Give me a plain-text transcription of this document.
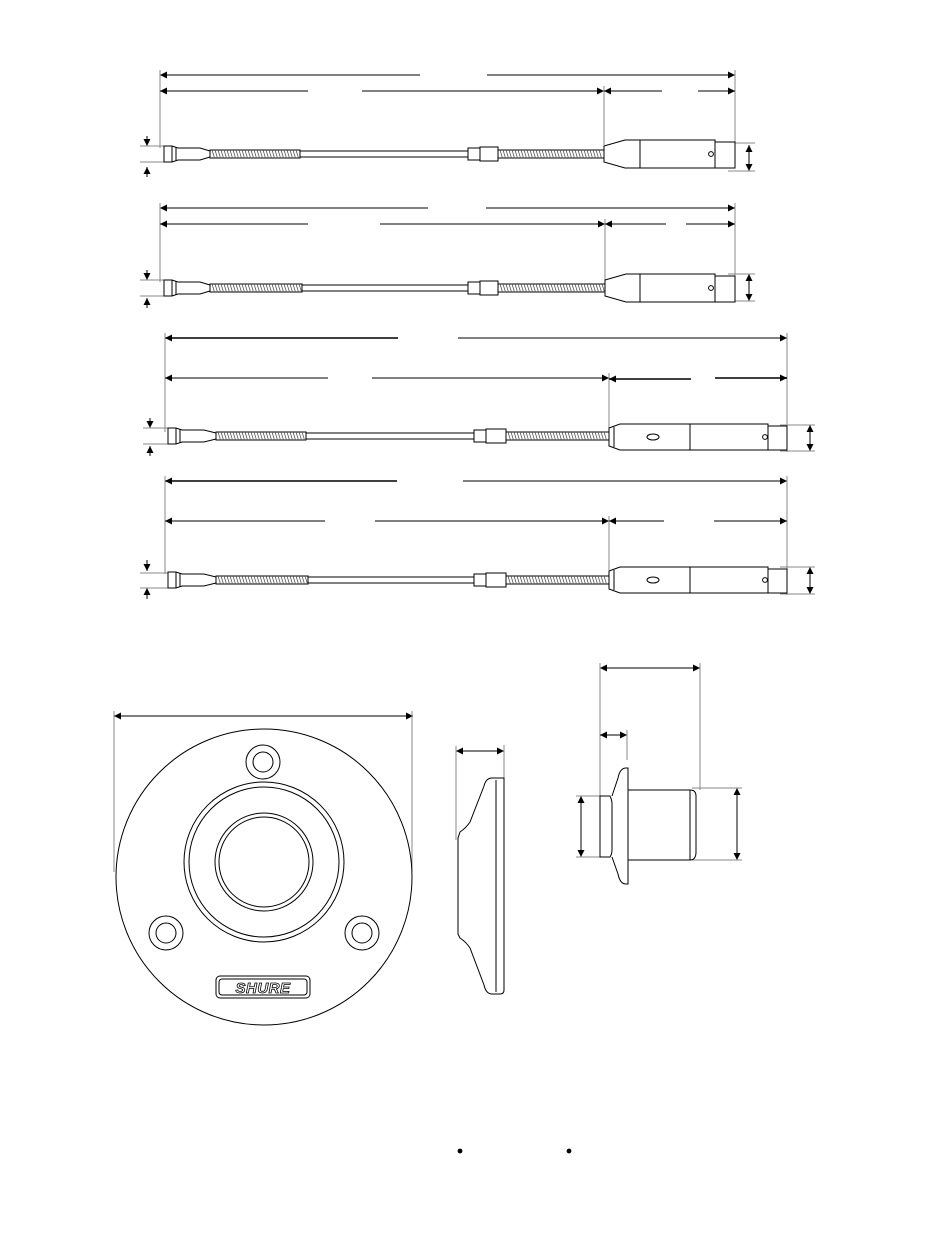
SHURE
